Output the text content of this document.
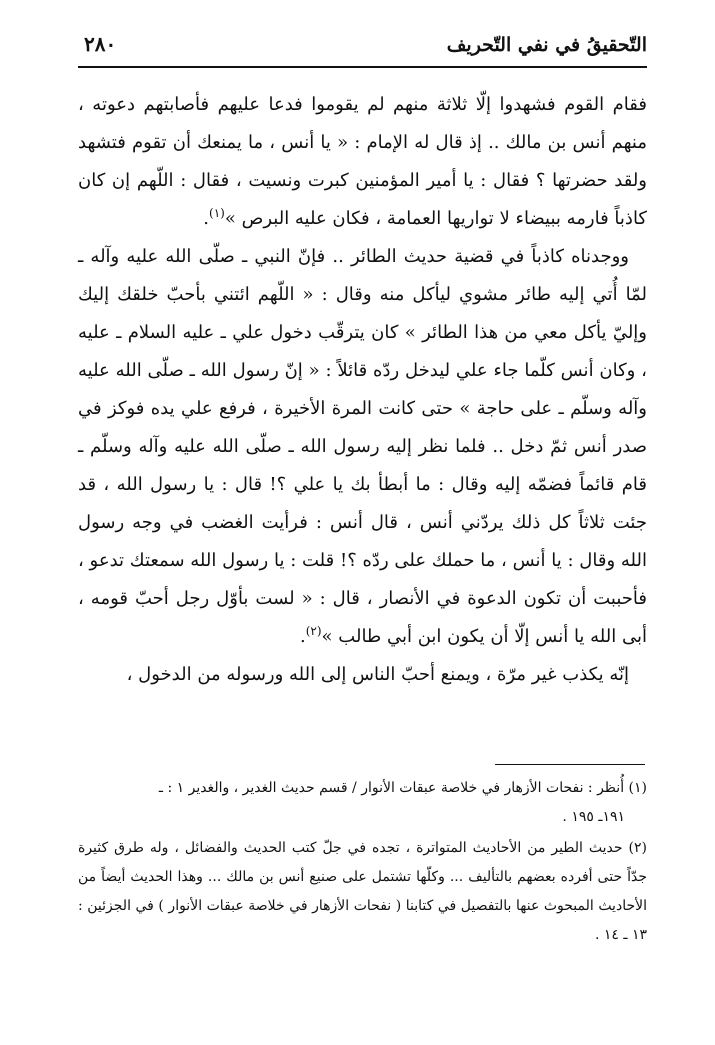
التّحقيقُ في نفي التّحريف
٢٨٠

فقام القوم فشهدوا إلّا ثلاثة منهم لم يقوموا فدعا عليهم فأصابتهم دعوته ، منهم أنس بن مالك .. إذ قال له الإمام : « يا أنس ، ما يمنعك أن تقوم فتشهد ولقد حضرتها ؟ فقال : يا أمير المؤمنين كبرت ونسيت ، فقال : اللّهم إن كان كاذباً فارمه ببيضاء لا تواريها العمامة ، فكان عليه البرص »$^{(١)}$.

ووجدناه كاذباً في قضية حديث الطائر .. فإنّ النبي ـ صلّى الله عليه وآله ـ لمّا أُتي إليه طائر مشوي ليأكل منه وقال : « اللّهم ائتني بأحبّ خلقك إليك وإليّ يأكل معي من هذا الطائر » كان يترقّب دخول علي ـ عليه السلام ـ عليه ، وكان أنس كلّما جاء علي ليدخل ردّه قائلاً : « إنّ رسول الله ـ صلّى الله عليه وآله وسلّم ـ على حاجة » حتى كانت المرة الأخيرة ، فرفع علي يده فوكز في صدر أنس ثمّ دخل .. فلما نظر إليه رسول الله ـ صلّى الله عليه وآله وسلّم ـ قام قائماً فضمّه إليه وقال : ما أبطأ بك يا علي ؟! قال : يا رسول الله ، قد جئت ثلاثاً كل ذلك يردّني أنس ، قال أنس : فرأيت الغضب في وجه رسول الله وقال : يا أنس ، ما حملك على ردّه ؟! قلت : يا رسول الله سمعتك تدعو ، فأحببت أن تكون الدعوة في الأنصار ، قال : « لست بأوّل رجل أحبّ قومه ، أبى الله يا أنس إلّا أن يكون ابن أبي طالب »$^{(٢)}$.

إنّه يكذب غير مرّة ، ويمنع أحبّ الناس إلى الله ورسوله من الدخول ،

(١) أُنظر : نفحات الأزهار في خلاصة عبقات الأنوار / قسم حديث الغدير ، والغدير ١ : ـ
١٩١ـ ١٩٥ .

(٢) حديث الطير من الأحاديث المتواترة ، تجده في جلّ كتب الحديث والفضائل ، وله طرق كثيرة جدّاً حتى أفرده بعضهم بالتأليف ... وكلّها تشتمل على صنيع أنس بن مالك ... وهذا الحديث أيضاً من الأحاديث المبحوث عنها بالتفصيل في كتابنا ( نفحات الأزهار في خلاصة عبقات الأنوار ) في الجزئين : ١٣ ـ ١٤ .
